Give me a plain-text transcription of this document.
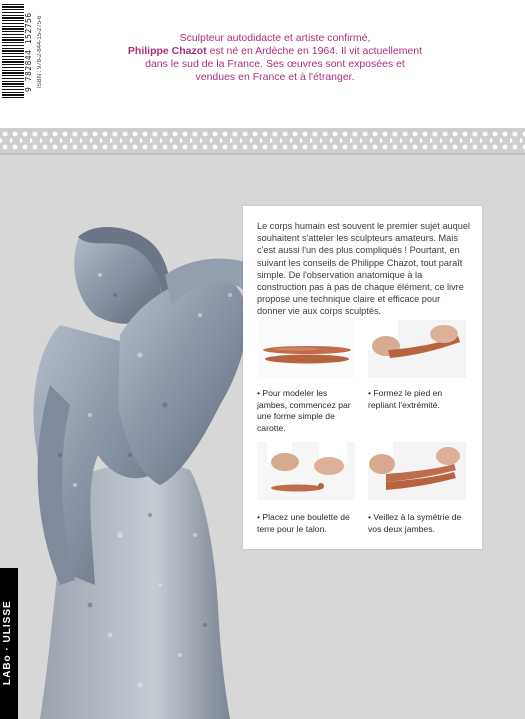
9 782844 152756 ISBN : 978-2-844-15-275-6	Sculpteur autodidacte et artiste confirmé,
Philippe Chazot est né en Ardèche en 1964. Il vit actuellement dans le sud de la France. Ses œuvres sont exposées et vendues en France et à l'étranger.
LABo · ULISSE
Le corps humain est souvent le premier sujet auquel souhaitent s'atteler les sculpteurs amateurs. Mais c'est aussi l'un des plus compliqués ! Pourtant, en suivant les conseils de Philippe Chazot, tout paraît simple. De l'observation anatomique à la construction pas à pas de chaque élément, ce livre propose une technique claire et efficace pour donner vie aux corps sculptés.
• Pour modeler les jambes, commencez par une forme simple de carotte.
• Formez le pied en repliant l'extrémité.
• Placez une boulette de terre pour le talon.
• Veillez à la symétrie de vos deux jambes.
